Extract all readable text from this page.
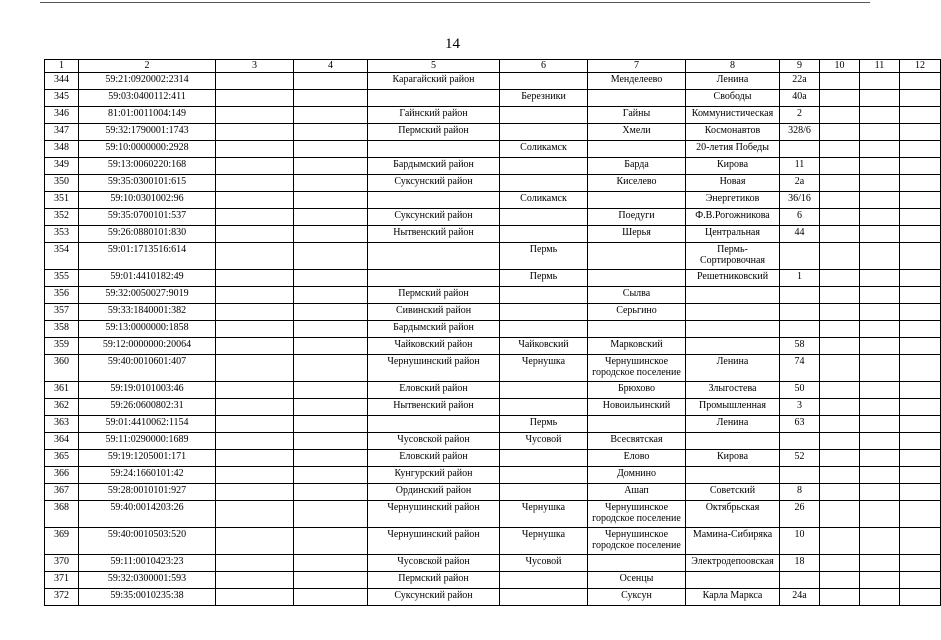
14
1	2	3	4	5	6	7	8	9	10	11	12
344	59:21:0920002:2314			Карагайский район		Менделеево	Ленина	22а			
345	59:03:0400112:411				Березники		Свободы	40а			
346	81:01:0011004:149			Гайнский район		Гайны	Коммунистическая	2			
347	59:32:1790001:1743			Пермский район		Хмели	Космонавтов	328/6			
348	59:10:0000000:2928				Соликамск		20-летия Победы				
349	59:13:0060220:168			Бардымский район		Барда	Кирова	11			
350	59:35:0300101:615			Суксунский район		Киселево	Новая	2а			
351	59:10:0301002:96				Соликамск		Энергетиков	36/16			
352	59:35:0700101:537			Суксунский район		Поедуги	Ф.В.Рогожникова	6			
353	59:26:0880101:830			Нытвенский район		Шерья	Центральная	44			
354	59:01:1713516:614				Пермь		Пермь-Сортировочная				
355	59:01:4410182:49				Пермь		Решетниковский	1			
356	59:32:0050027:9019			Пермский район		Сылва					
357	59:33:1840001:382			Сивинский район		Серьгино					
358	59:13:0000000:1858			Бардымский район							
359	59:12:0000000:20064			Чайковский район	Чайковский	Марковский		58			
360	59:40:0010601:407			Чернушинский район	Чернушка	Чернушинское городское поселение	Ленина	74			
361	59:19:0101003:46			Еловский район		Брюхово	Злыгостева	50			
362	59:26:0600802:31			Нытвенский район		Новоильинский	Промышленная	3			
363	59:01:4410062:1154				Пермь		Ленина	63			
364	59:11:0290000:1689			Чусовской район	Чусовой	Всесвятская					
365	59:19:1205001:171			Еловский район		Елово	Кирова	52			
366	59:24:1660101:42			Кунгурский район		Домнино					
367	59:28:0010101:927			Ординский район		Ашап	Советский	8			
368	59:40:0014203:26			Чернушинский район	Чернушка	Чернушинское городское поселение	Октябрьская	26			
369	59:40:0010503:520			Чернушинский район	Чернушка	Чернушинское городское поселение	Мамина-Сибиряка	10			
370	59:11:0010423:23			Чусовской район	Чусовой		Электродепоовская	18			
371	59:32:0300001:593			Пермский район		Осенцы					
372	59:35:0010235:38			Суксунский район		Суксун	Карла Маркса	24а			
